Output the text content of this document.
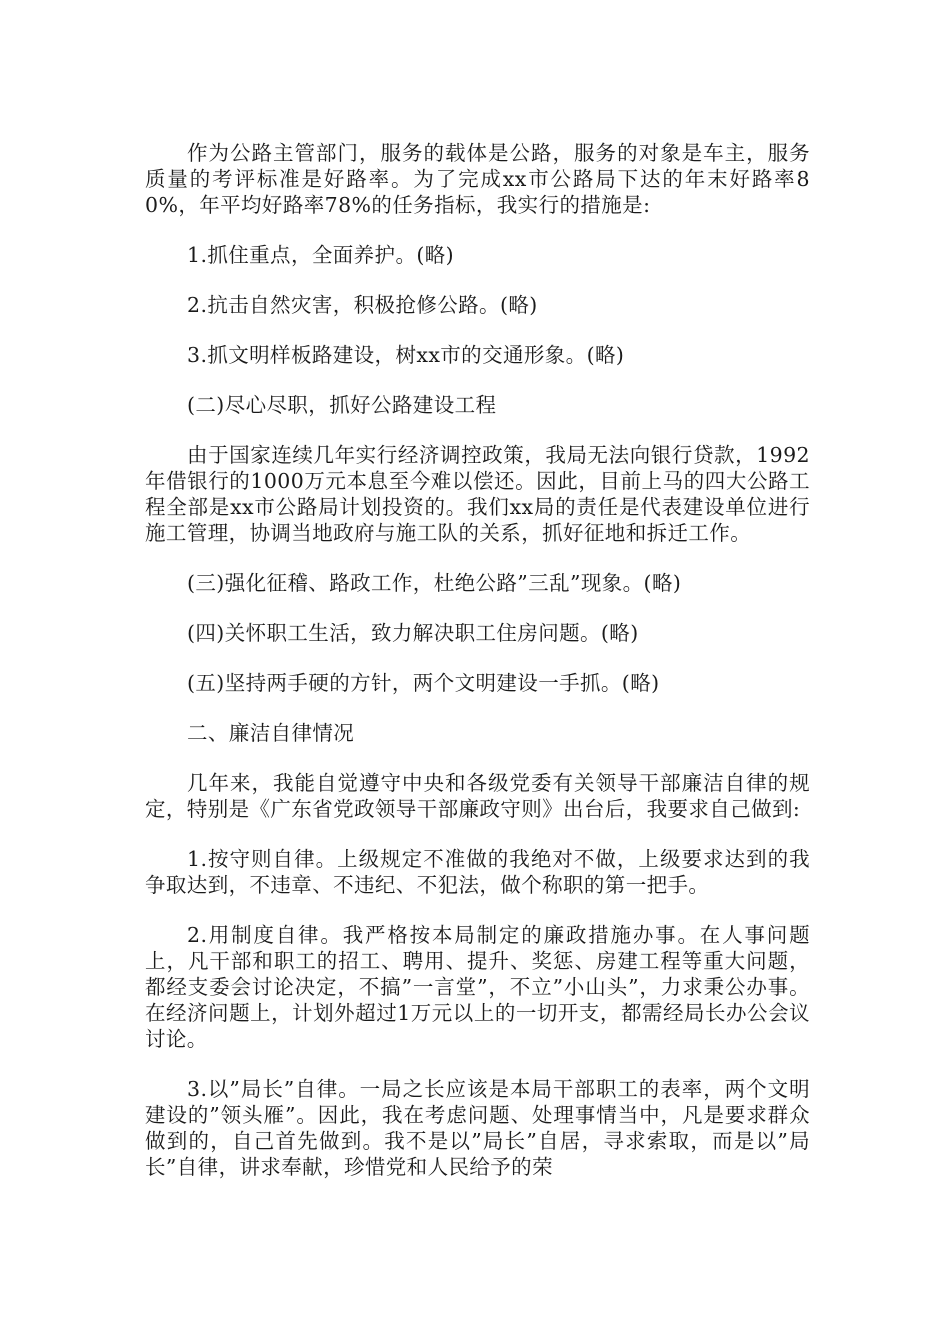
作为公路主管部门，服务的载体是公路，服务的对象是车主，服务质量的考评标准是好路率。为了完成xx市公路局下达的年末好路率80%，年平均好路率78%的任务指标，我实行的措施是:

1.抓住重点，全面养护。(略)

2.抗击自然灾害，积极抢修公路。(略)

3.抓文明样板路建设，树xx市的交通形象。(略)

(二)尽心尽职，抓好公路建设工程

由于国家连续几年实行经济调控政策，我局无法向银行贷款，1992年借银行的1000万元本息至今难以偿还。因此，目前上马的四大公路工程全部是xx市公路局计划投资的。我们xx局的责任是代表建设单位进行施工管理，协调当地政府与施工队的关系，抓好征地和拆迁工作。

(三)强化征稽、路政工作，杜绝公路”三乱”现象。(略)

(四)关怀职工生活，致力解决职工住房问题。(略)

(五)坚持两手硬的方针，两个文明建设一手抓。(略)

二、廉洁自律情况

几年来，我能自觉遵守中央和各级党委有关领导干部廉洁自律的规定，特别是《广东省党政领导干部廉政守则》出台后，我要求自己做到:

1.按守则自律。上级规定不准做的我绝对不做，上级要求达到的我争取达到，不违章、不违纪、不犯法，做个称职的第一把手。

2.用制度自律。我严格按本局制定的廉政措施办事。在人事问题上，凡干部和职工的招工、聘用、提升、奖惩、房建工程等重大问题，都经支委会讨论决定，不搞”一言堂”，不立”小山头”，力求秉公办事。在经济问题上，计划外超过1万元以上的一切开支，都需经局长办公会议讨论。

3.以”局长”自律。一局之长应该是本局干部职工的表率，两个文明建设的”领头雁”。因此，我在考虑问题、处理事情当中，凡是要求群众做到的，自己首先做到。我不是以”局长”自居，寻求索取，而是以”局长”自律，讲求奉献，珍惜党和人民给予的荣
